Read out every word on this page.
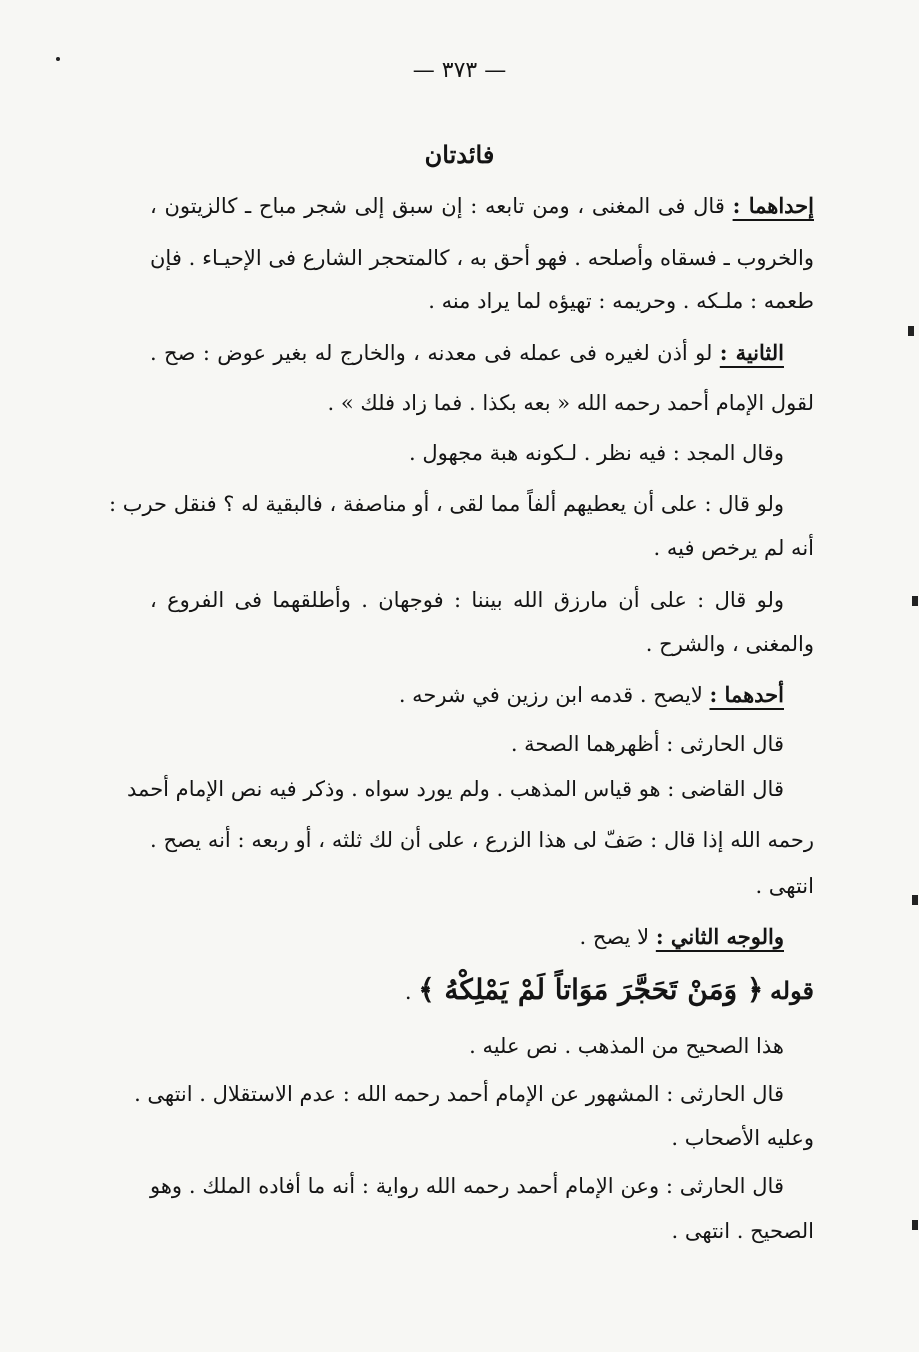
— ٣٧٣ —
فائدتان
إحداهما : قال فى المغنى ، ومن تابعه : إن سبق إلى شجر مباح ـ كالزيتون ،
والخروب ـ فسقاه وأصلحه . فهو أحق به ، كالمتحجر الشارع فى الإحيـاء . فإن
طعمه : ملـكه . وحريمه : تهيؤه لما يراد منه .
الثانية : لو أذن لغيره فى عمله فى معدنه ، والخارج له بغير عوض : صح .
لقول الإمام أحمد رحمه الله « بعه بكذا . فما زاد فلك » .
وقال المجد : فيه نظر . لـكونه هبة مجهول .
ولو قال : على أن يعطيهم ألفاً مما لقى ، أو مناصفة ، فالبقية له ؟ فنقل حرب :
أنه لم يرخص فيه .
ولو قال : على أن مارزق الله بيننا : فوجهان . وأطلقهما فى الفروع ،
والمغنى ، والشرح .
أحدهما : لايصح . قدمه ابن رزين في شرحه .
قال الحارثى : أظهرهما الصحة .
قال القاضى : هو قياس المذهب . ولم يورد سواه . وذكر فيه نص الإمام أحمد
رحمه الله إذا قال : صَفّ لى هذا الزرع ، على أن لك ثلثه ، أو ربعه : أنه يصح .
انتهى .
والوجه الثاني : لا يصح .
قوله ﴿ وَمَنْ تَحَجَّرَ مَوَاتاً لَمْ يَمْلِكْهُ ﴾ .
هذا الصحيح من المذهب . نص عليه .
قال الحارثى : المشهور عن الإمام أحمد رحمه الله : عدم الاستقلال . انتهى .
وعليه الأصحاب .
قال الحارثى : وعن الإمام أحمد رحمه الله رواية : أنه ما أفاده الملك . وهو
الصحيح . انتهى .
